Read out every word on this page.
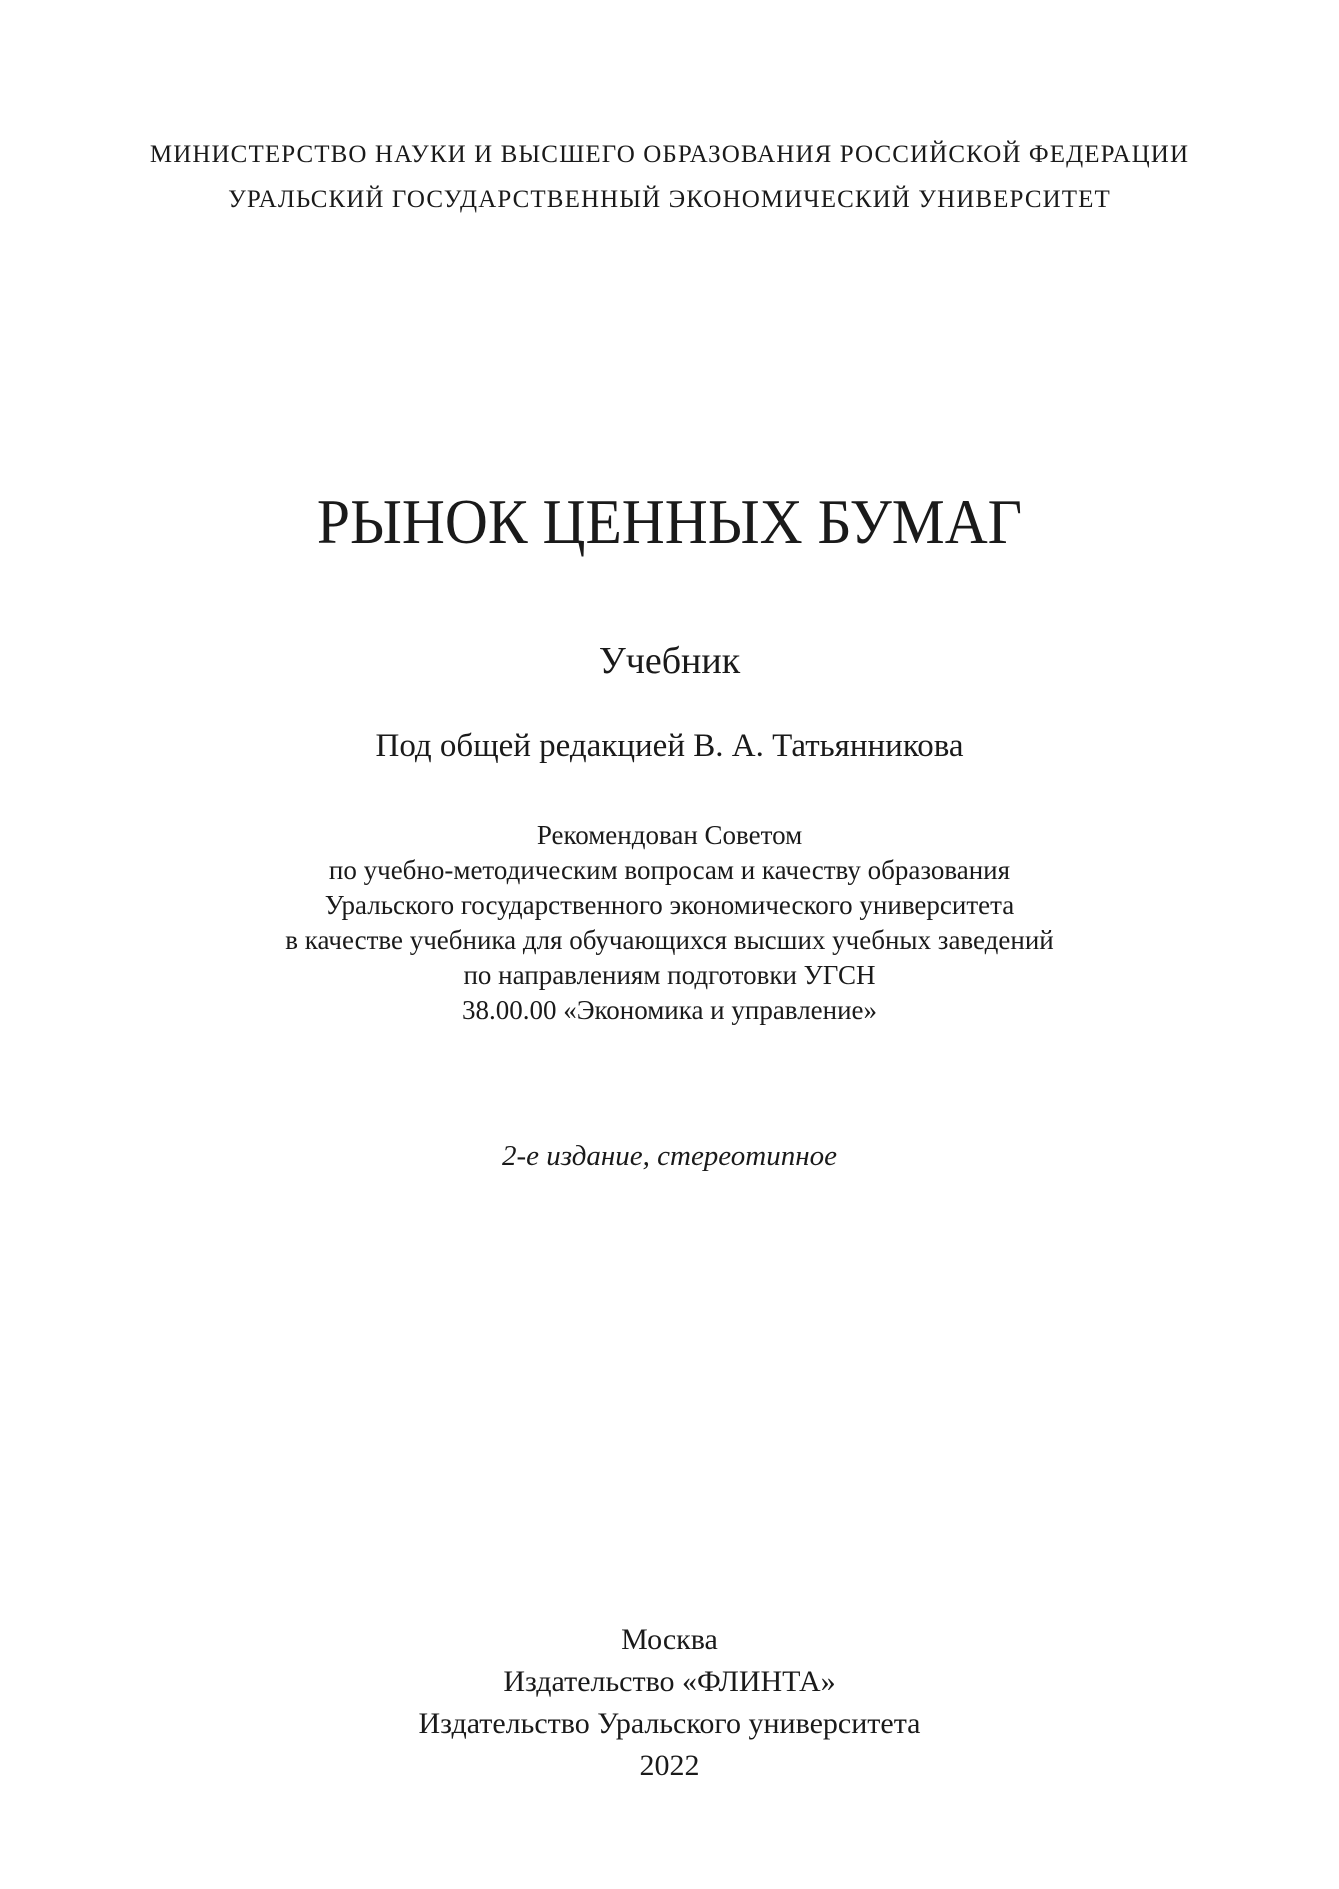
МИНИСТЕРСТВО НАУКИ И ВЫСШЕГО ОБРАЗОВАНИЯ РОССИЙСКОЙ ФЕДЕРАЦИИ
УРАЛЬСКИЙ ГОСУДАРСТВЕННЫЙ ЭКОНОМИЧЕСКИЙ УНИВЕРСИТЕТ
РЫНОК ЦЕННЫХ БУМАГ
Учебник
Под общей редакцией В. А. Татьянникова
Рекомендован Советом
по учебно-методическим вопросам и качеству образования
Уральского государственного экономического университета
в качестве учебника для обучающихся высших учебных заведений
по направлениям подготовки УГСН
38.00.00 «Экономика и управление»
2-е издание, стереотипное
Москва
Издательство «ФЛИНТА»
Издательство Уральского университета
2022
